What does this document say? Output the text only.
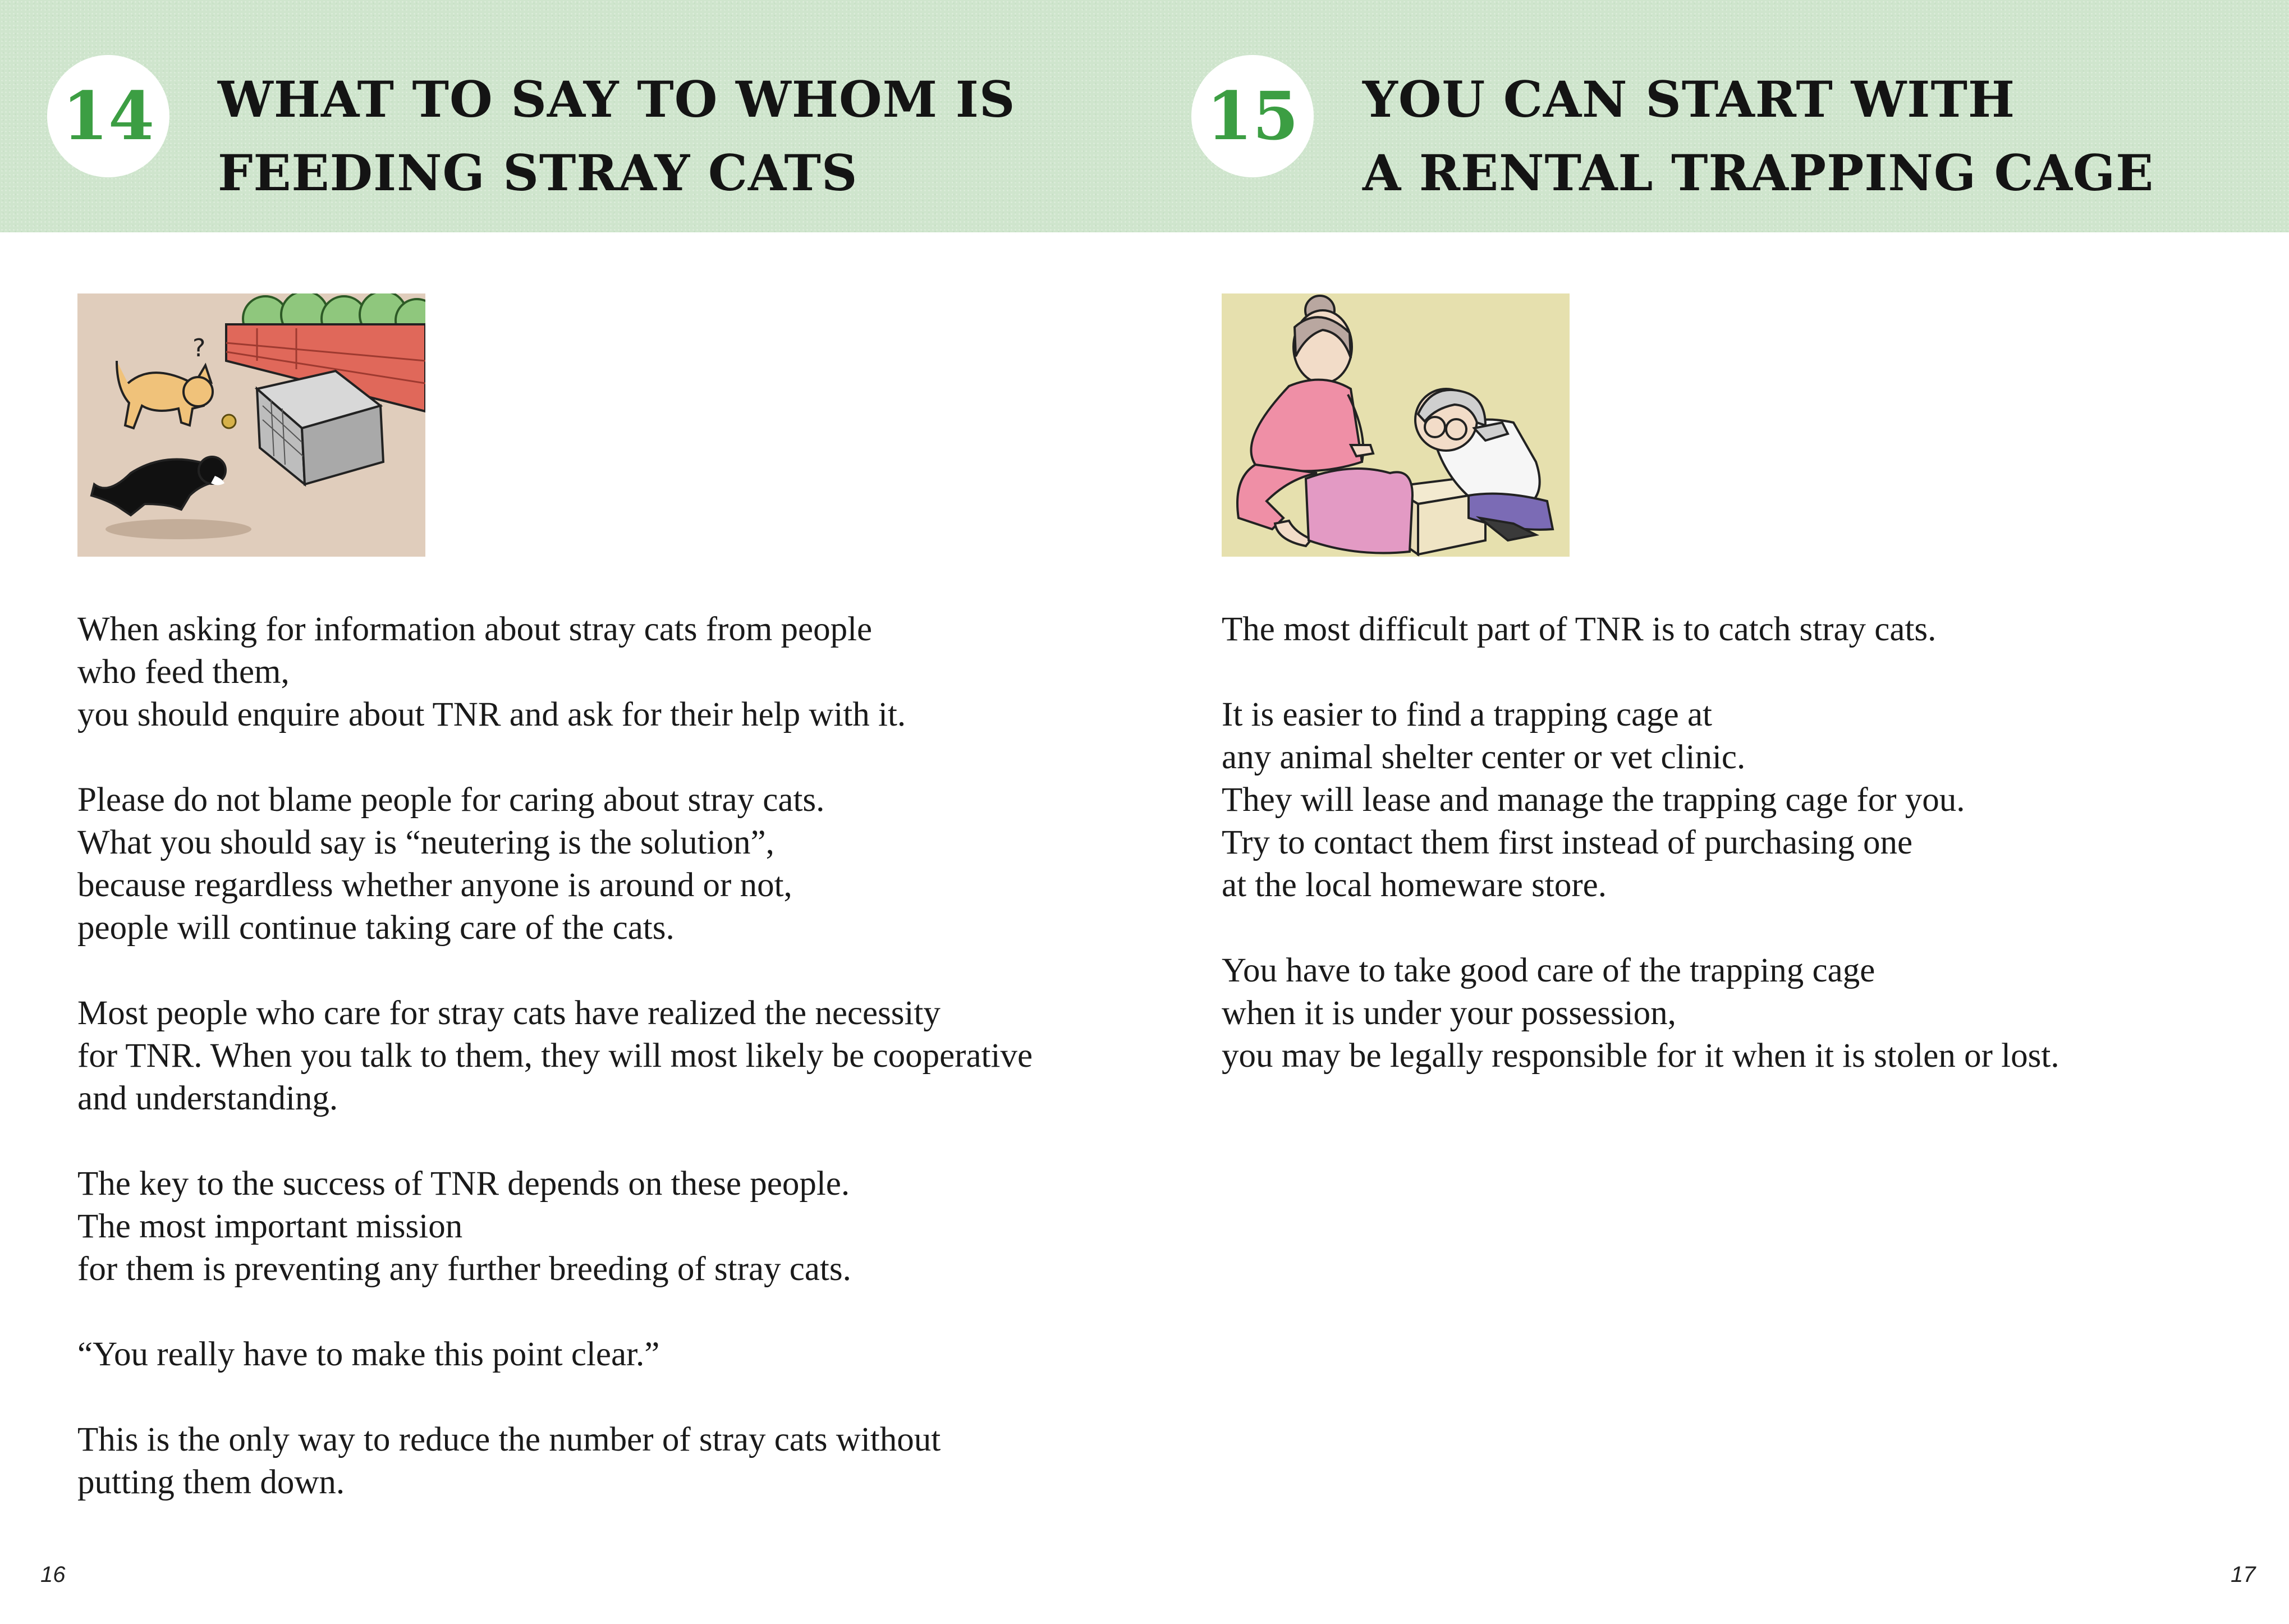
14 WHAT TO SAY TO WHOM IS
FEEDING STRAY CATS
?

When asking for information about stray cats from people
who feed them,
you should enquire about TNR and ask for their help with it.

Please do not blame people for caring about stray cats.
What you should say is “neutering is the solution”,
because regardless whether anyone is around or not,
people will continue taking care of the cats.

Most people who care for stray cats have realized the necessity
for TNR. When you talk to them, they will most likely be cooperative
and understanding.

The key to the success of TNR depends on these people.
The most important mission
for them is preventing any further breeding of stray cats.

“You really have to make this point clear.”

This is the only way to reduce the number of stray cats without
putting them down.

16
15 YOU CAN START WITH
A RENTAL TRAPPING CAGE

The most difficult part of TNR is to catch stray cats.

It is easier to find a trapping cage at
any animal shelter center or vet clinic.
They will lease and manage the trapping cage for you.
Try to contact them first instead of purchasing one
at the local homeware store.

You have to take good care of the trapping cage
when it is under your possession,
you may be legally responsible for it when it is stolen or lost.

17
